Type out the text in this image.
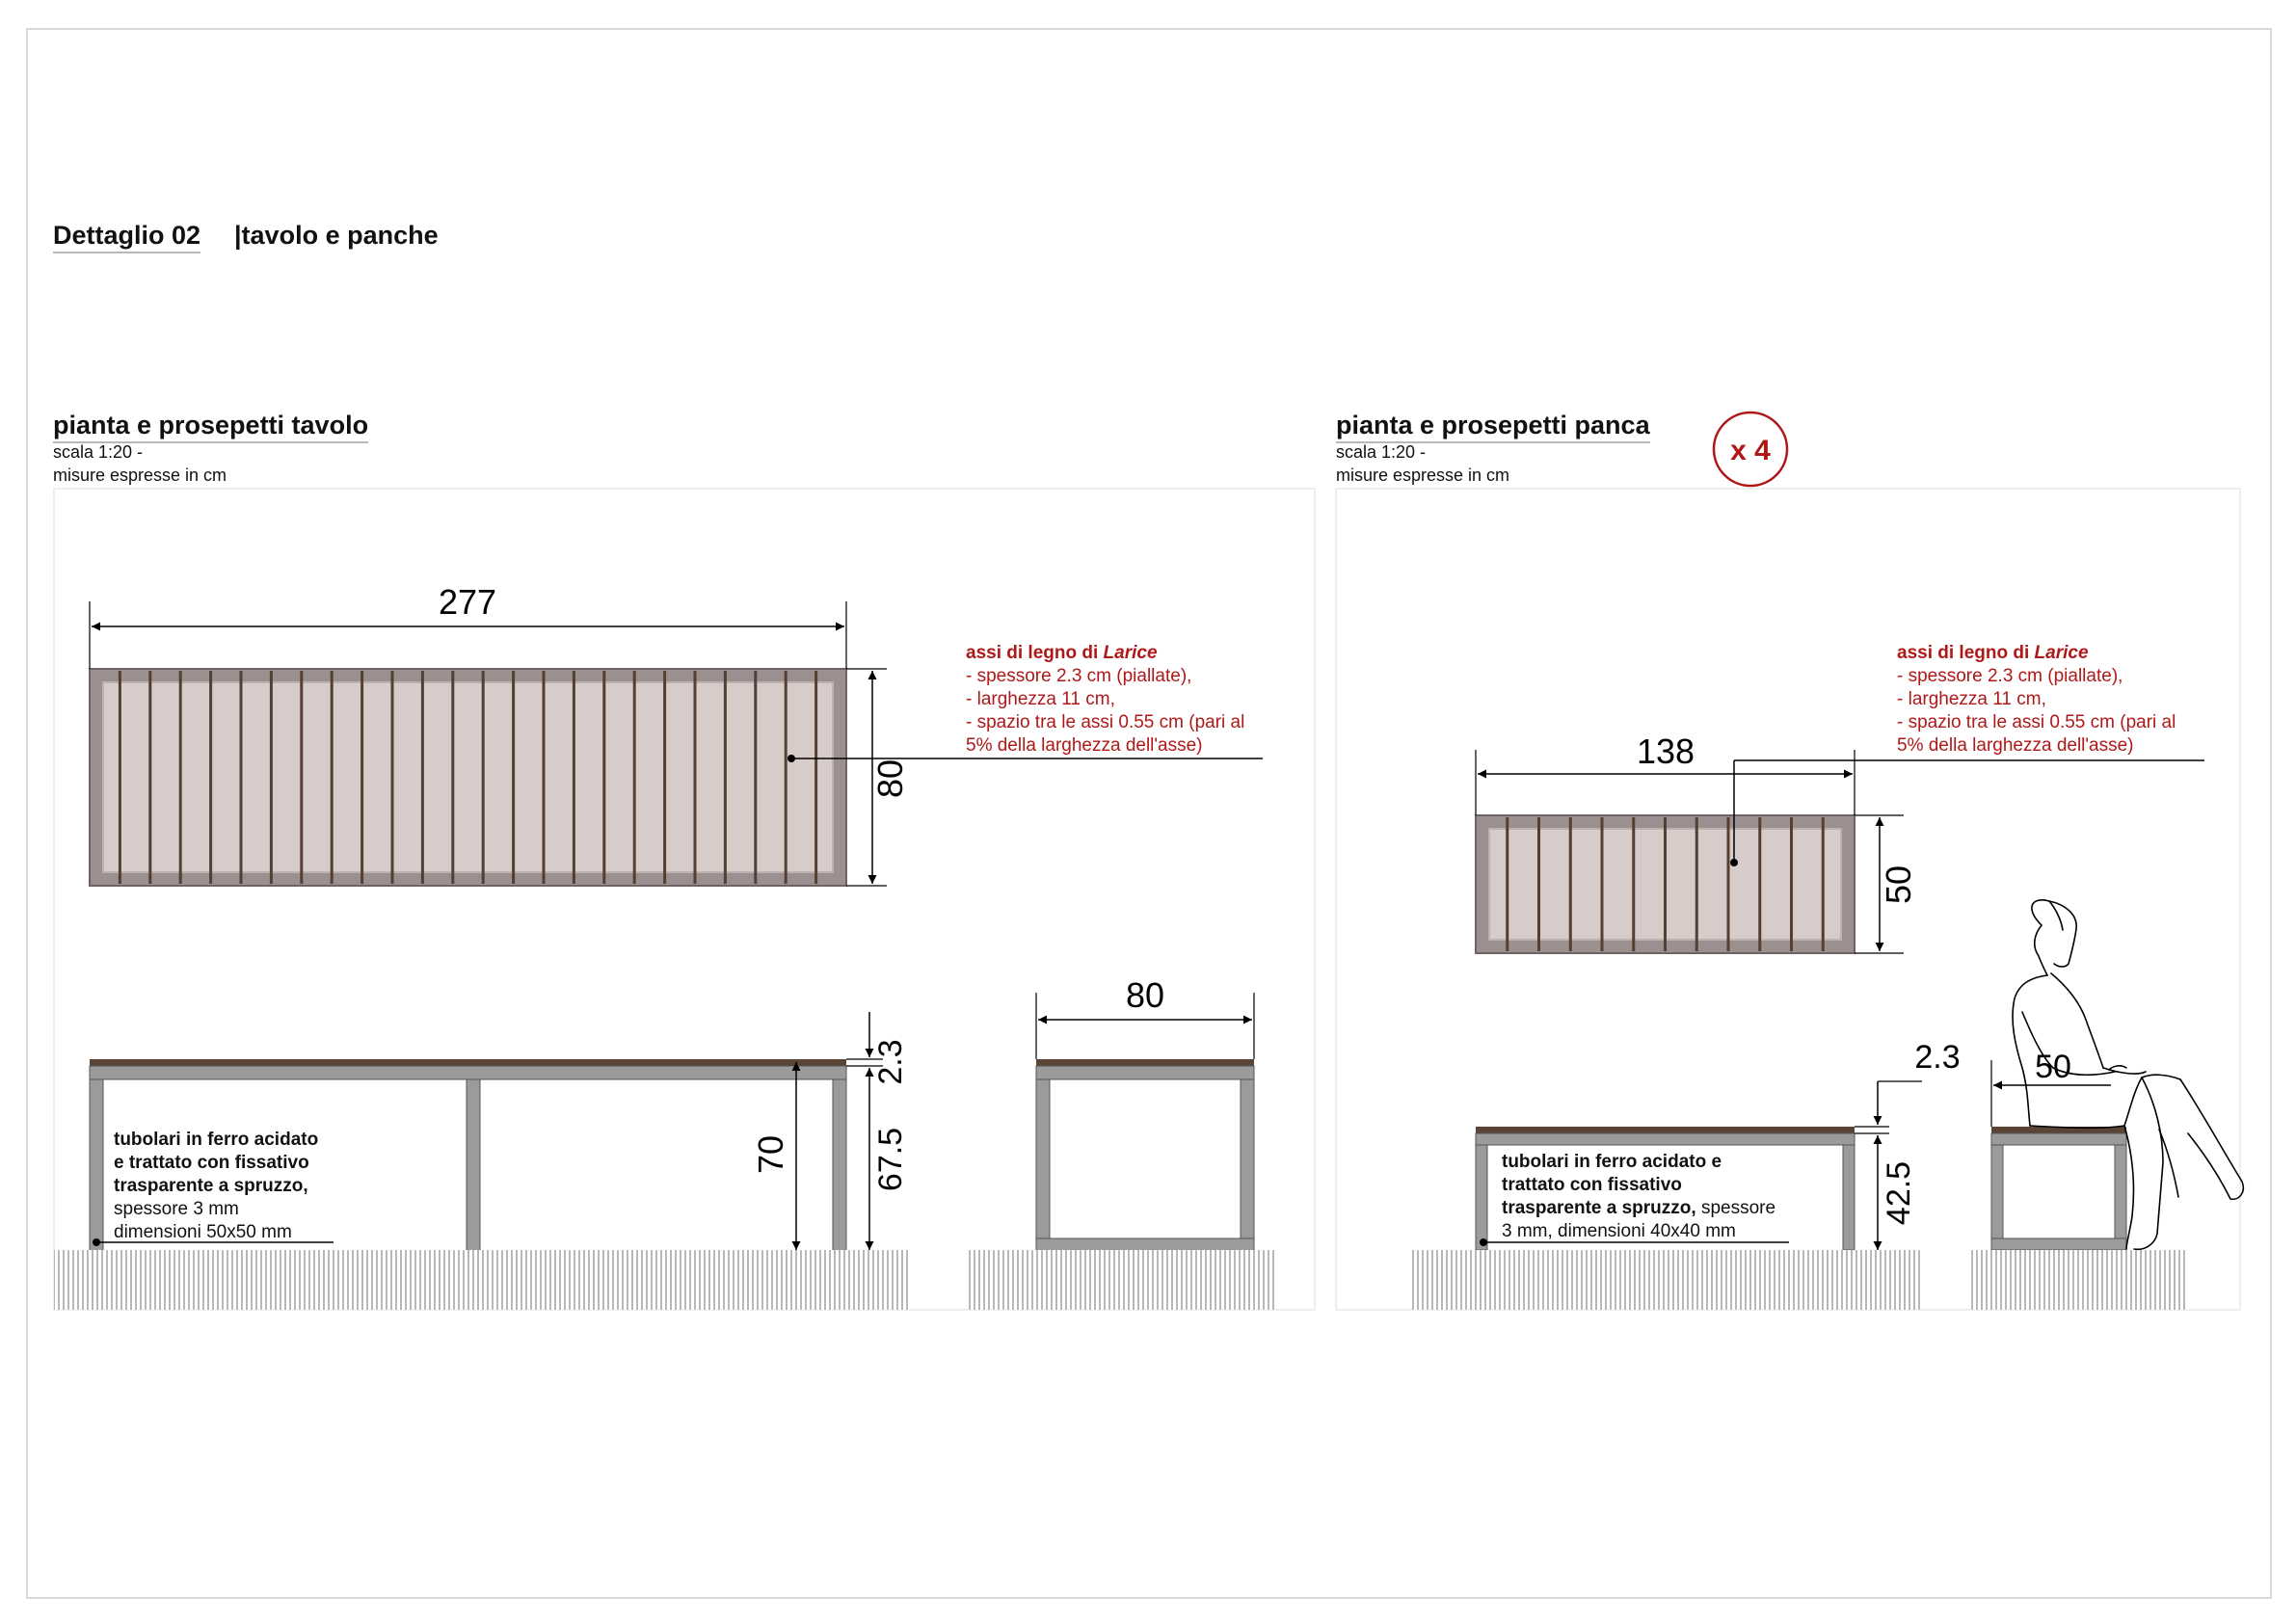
Dettaglio 02 |tavolo e panche
pianta e prosepetti tavolo
scala 1:20 -
misure espresse in cm
pianta e prosepetti panca
scala 1:20 -
misure espresse in cm
277
80
70
2.3
67.5
80
138
50
2.3
42.5
50
x 4
assi di legno di Larice
- spessore 2.3 cm (piallate),
- larghezza 11 cm,
- spazio tra le assi 0.55 cm (pari al
5% della larghezza dell'asse)
assi di legno di Larice
- spessore 2.3 cm (piallate),
- larghezza 11 cm,
- spazio tra le assi 0.55 cm (pari al
5% della larghezza dell'asse)
tubolari in ferro acidato
e trattato con fissativo
trasparente a spruzzo,
spessore 3 mm
dimensioni 50x50 mm
tubolari in ferro acidato e
trattato con fissativo
trasparente a spruzzo, spessore
3 mm, dimensioni 40x40 mm
